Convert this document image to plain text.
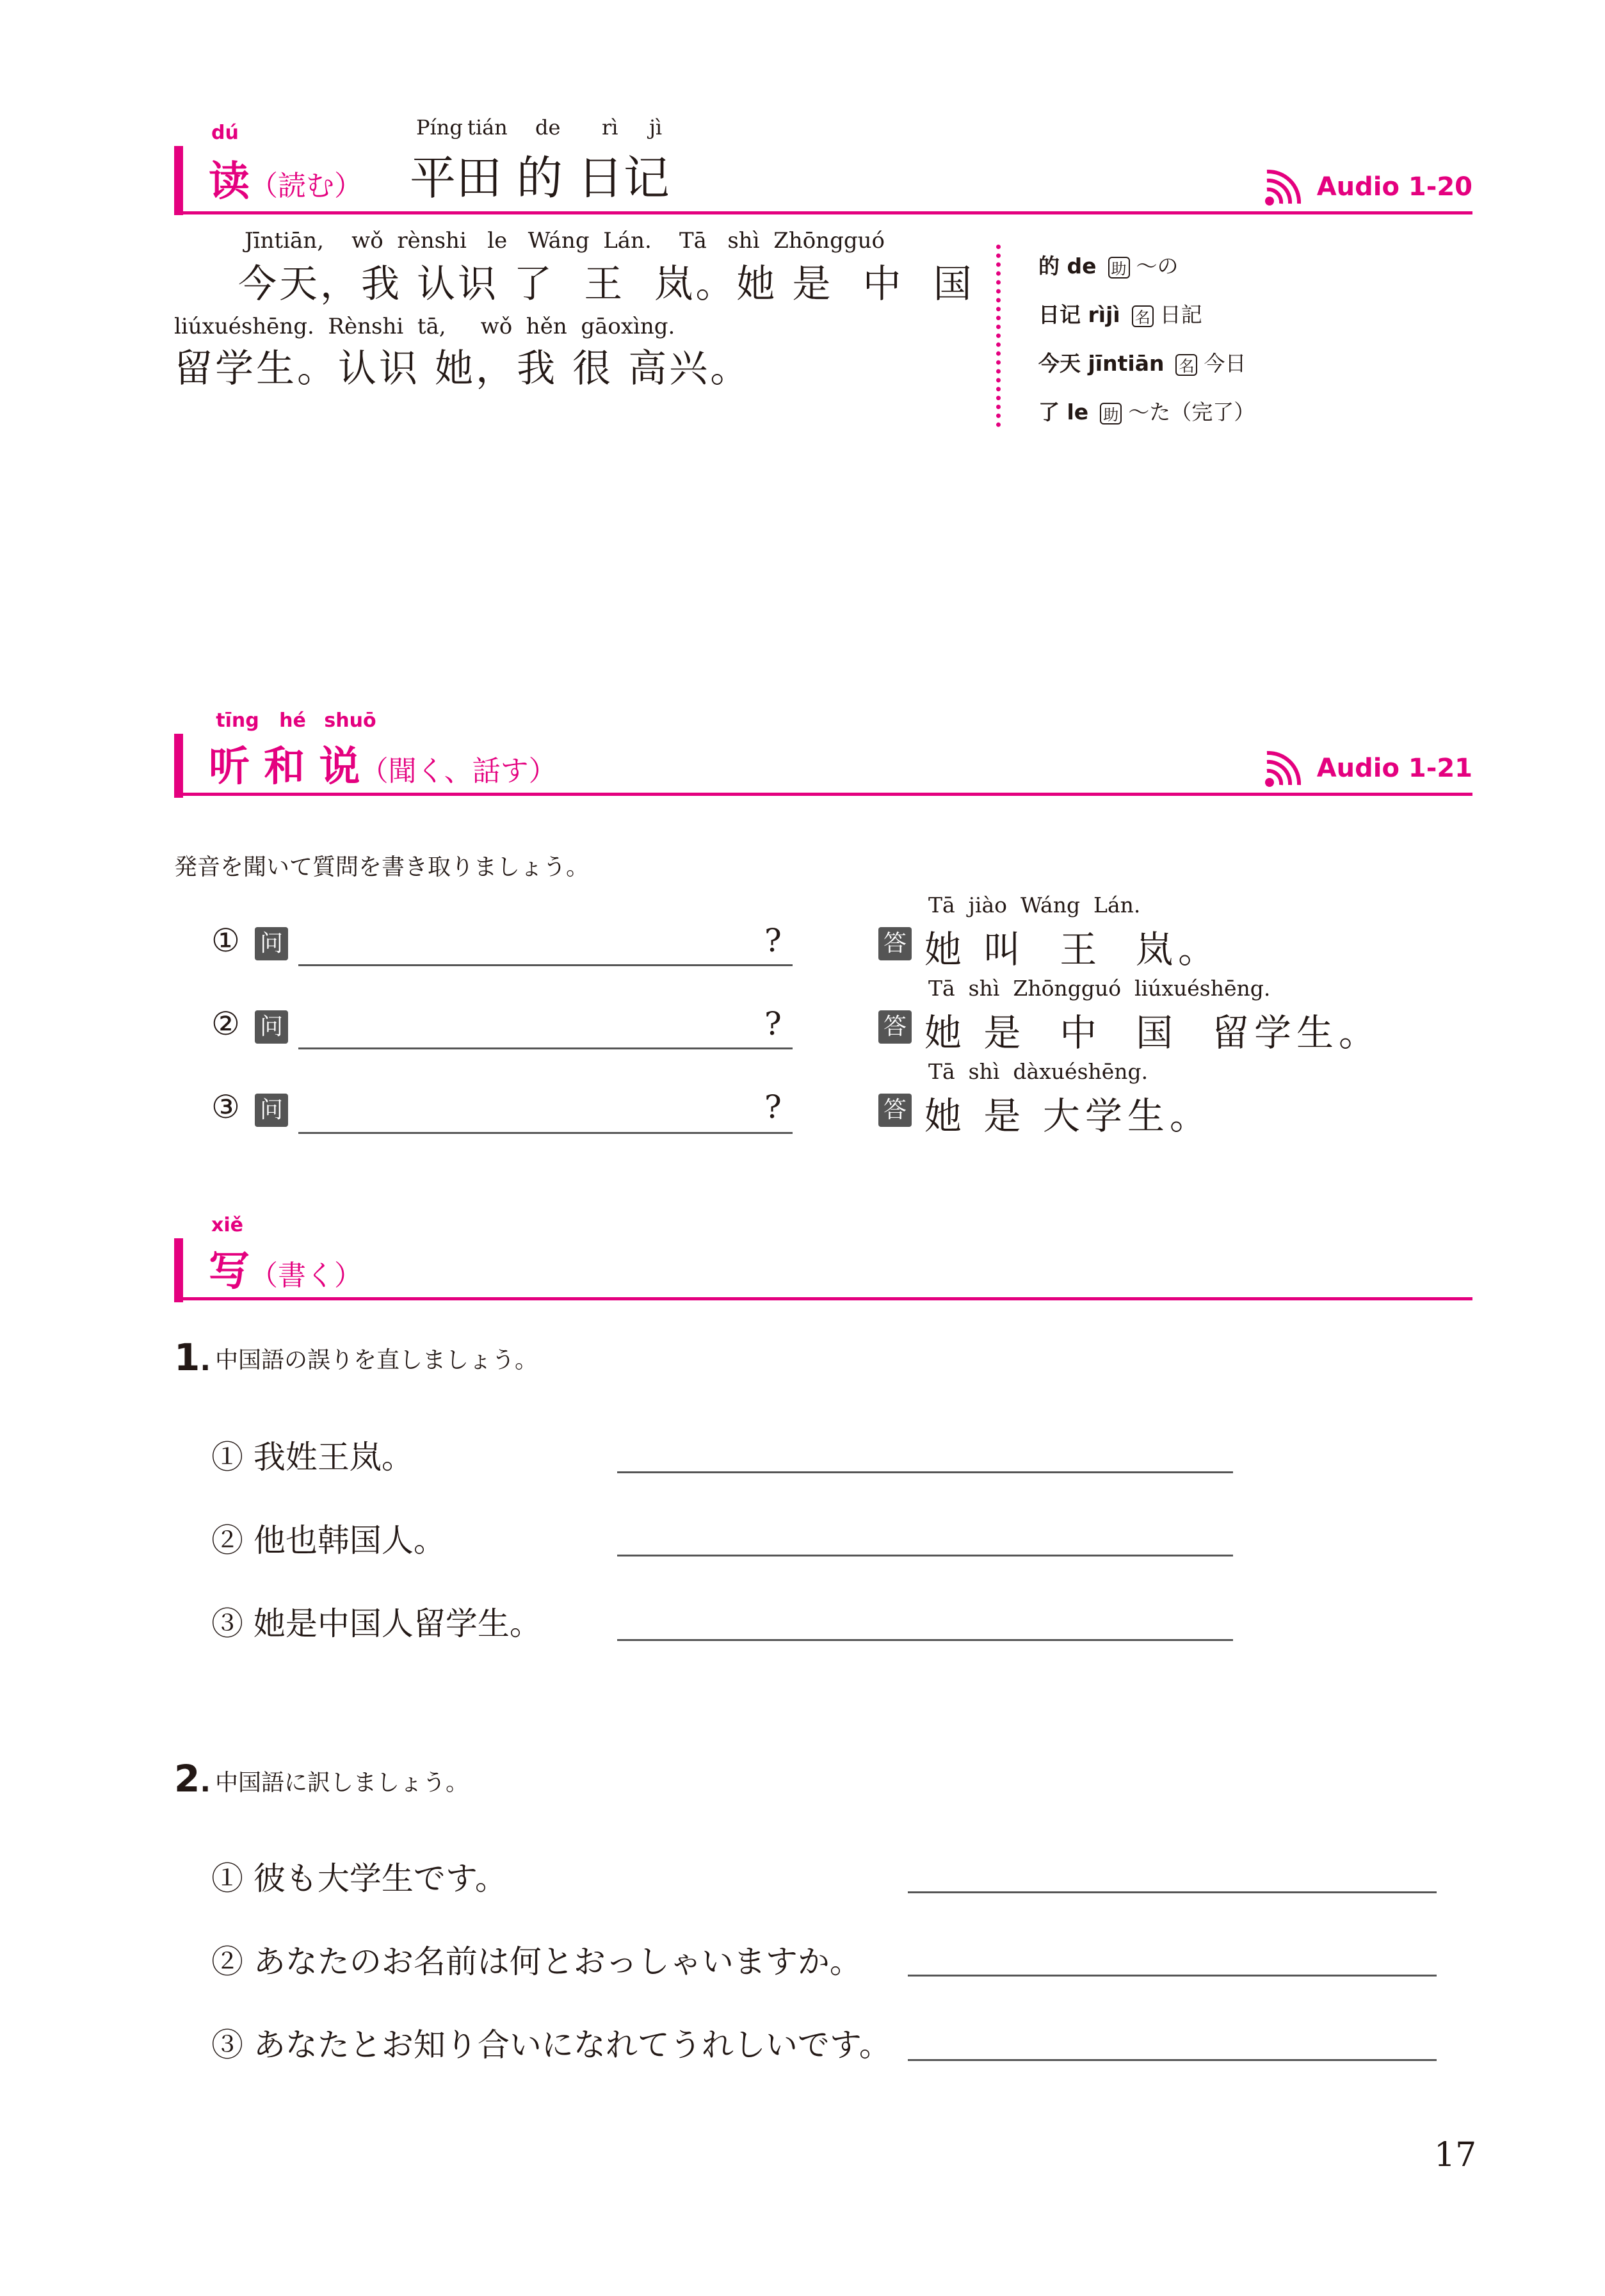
dú
读（読む）	Audio 1-20
Píng tián de rì jì
平田 的 日记
Jīntiān,    wǒ  rènshi   le   Wáng  Lán.    Tā   shì  Zhōngguó
今天，我 认识 了  王  岚。她 是  中  国
liúxuéshēng.  Rènshi  tā,     wǒ  hěn  gāoxìng.
留学生。认识 她，我 很 高兴。
的 de 助 ～の
日记 rìjì 名 日記
今天 jīntiān 名 今日
了 le 助 ～た（完了）
tīng hé shuō
听 和 说（聞く、話す）	Audio 1-21
発音を聞いて質問を書き取りましょう。
① 问	?
Tā  jiào  Wáng  Lán.
答 她 叫  王  岚。
② 问	?
Tā  shì  Zhōngguó  liúxuéshēng.
答 她 是  中  国  留学生。
③ 问	?
Tā  shì  dàxuéshēng.
答 她 是 大学生。
xiě
写（書く）
1. 中国語の誤りを直しましょう。
① 我姓王岚。
② 他也韩国人。
③ 她是中国人留学生。
2. 中国語に訳しましょう。
① 彼も大学生です。
② あなたのお名前は何とおっしゃいますか。
③ あなたとお知り合いになれてうれしいです。
17
